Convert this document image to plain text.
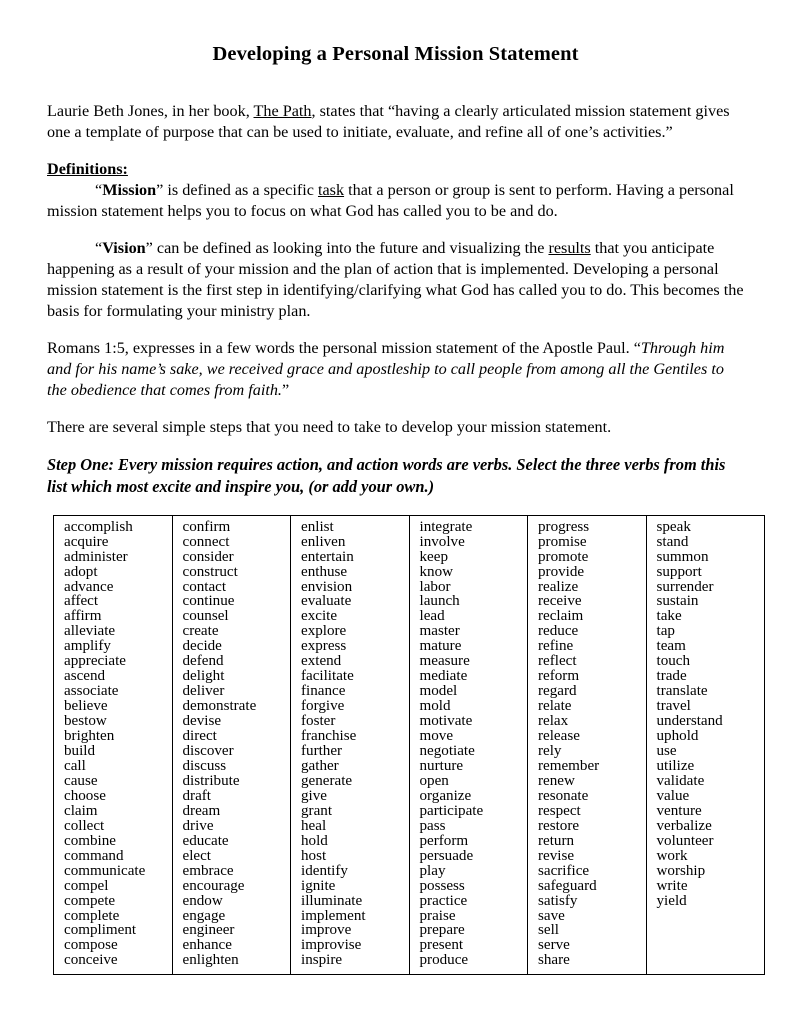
Developing a Personal Mission Statement

Laurie Beth Jones, in her book, The Path, states that “having a clearly articulated mission statement gives one a template of purpose that can be used to initiate, evaluate, and refine all of one’s activities.”

Definitions:

“Mission” is defined as a specific task that a person or group is sent to perform. Having a personal mission statement helps you to focus on what God has called you to be and do.

“Vision” can be defined as looking into the future and visualizing the results that you anticipate happening as a result of your mission and the plan of action that is implemented. Developing a personal mission statement is the first step in identifying/clarifying what God has called you to do. This becomes the basis for formulating your ministry plan.

Romans 1:5, expresses in a few words the personal mission statement of the Apostle Paul. “Through him and for his name’s sake, we received grace and apostleship to call people from among all the Gentiles to the obedience that comes from faith.”

There are several simple steps that you need to take to develop your mission statement.

Step One: Every mission requires action, and action words are verbs. Select the three verbs from this list which most excite and inspire you, (or add your own.)

accomplish
acquire
administer
adopt
advance
affect
affirm
alleviate
amplify
appreciate
ascend
associate
believe
bestow
brighten
build
call
cause
choose
claim
collect
combine
command
communicate
compel
compete
complete
compliment
compose
conceive

confirm
connect
consider
construct
contact
continue
counsel
create
decide
defend
delight
deliver
demonstrate
devise
direct
discover
discuss
distribute
draft
dream
drive
educate
elect
embrace
encourage
endow
engage
engineer
enhance
enlighten

enlist
enliven
entertain
enthuse
envision
evaluate
excite
explore
express
extend
facilitate
finance
forgive
foster
franchise
further
gather
generate
give
grant
heal
hold
host
identify
ignite
illuminate
implement
improve
improvise
inspire

integrate
involve
keep
know
labor
launch
lead
master
mature
measure
mediate
model
mold
motivate
move
negotiate
nurture
open
organize
participate
pass
perform
persuade
play
possess
practice
praise
prepare
present
produce

progress
promise
promote
provide
realize
receive
reclaim
reduce
refine
reflect
reform
regard
relate
relax
release
rely
remember
renew
resonate
respect
restore
return
revise
sacrifice
safeguard
satisfy
save
sell
serve
share

speak
stand
summon
support
surrender
sustain
take
tap
team
touch
trade
translate
travel
understand
uphold
use
utilize
validate
value
venture
verbalize
volunteer
work
worship
write
yield
